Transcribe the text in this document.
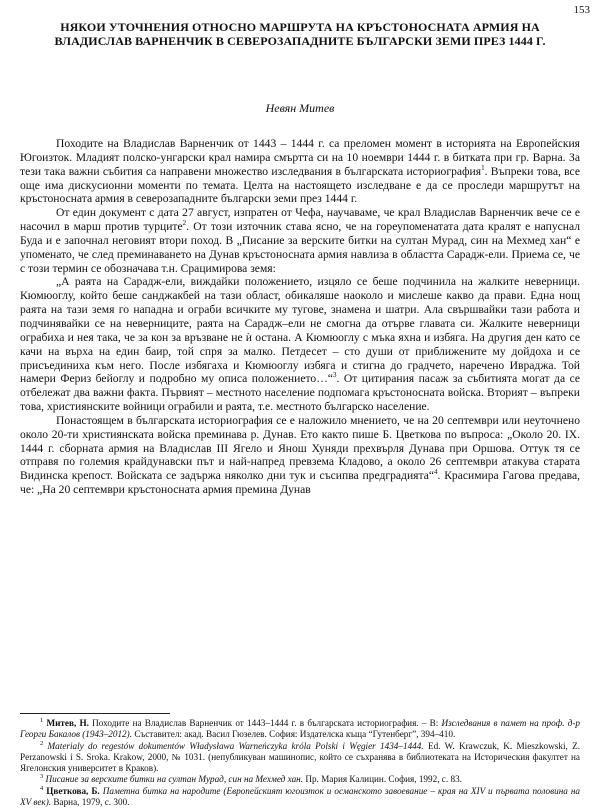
153
НЯКОИ УТОЧНЕНИЯ ОТНОСНО МАРШРУТА НА КРЪСТОНОСНАТА АРМИЯ НА ВЛАДИСЛАВ ВАРНЕНЧИК В СЕВЕРОЗАПАДНИТЕ БЪЛГАРСКИ ЗЕМИ ПРЕЗ 1444 Г.
Невян Митев

Походите на Владислав Варненчик от 1443 – 1444 г. са преломен момент в историята на Европейския Югоизток. Младият полско-унгарски крал намира смъртта си на 10 ноември 1444 г. в битката при гр. Варна. За тези така важни събития са направени множество изследвания в българската историография$^1$. Въпреки това, все още има дискусионни моменти по темата. Целта на настоящето изследване е да се проследи маршрутът на кръстоносната армия в северозападните български земи през 1444 г.

От един документ с дата 27 август, изпратен от Чефа, научаваме, че крал Владислав Варненчик вече се е насочил в марш против турците$^2$. От този източник става ясно, че на гореупоменатата дата кралят е напуснал Буда и е започнал неговият втори поход. В „Писание за верските битки на султан Мурад, син на Мехмед хан“ е упоменато, че след преминаването на Дунав кръстоносната армия навлиза в областта Сарадж-ели. Приема се, че с този термин се обозначава т.н. Срацимирова земя:

„А раята на Сарадж-ели, виждайки положението, изцяло се беше подчинила на жалките неверници. Кюмюоглу, който беше санджакбей на тази област, обикаляше наоколо и мислеше какво да прави. Една нощ раята на тази земя го нападна и ограби всичките му тугове, знамена и шатри. Ала свършвайки тази работа и подчинявайки се на неверниците, раята на Сарадж–ели не смогна да отърве главата си. Жалките неверници ограбиха и нея така, че за кон за връзване не ѝ остана. А Кюмюоглу с мъка яхна и избяга. На другия ден като се качи на върха на един баир, той спря за малко. Петдесет – сто души от приближените му дойдоха и се присъединиха към него. После избягаха и Кюмюоглу избяга и стигна до градчето, наречено Ивраджа. Той намери Фериз бейоглу и подробно му описа положението…“$^3$. От цитирания пасаж за събитията могат да се отбележат два важни факта. Първият – местното население подпомага кръстоносната войска. Вторият – въпреки това, християнските войници ограбили и раята, т.е. местното българско население.

Понастоящем в българската историография се е наложило мнението, че на 20 септември или неуточнено около 20-ти християнската войска преминава р. Дунав. Ето както пише Б. Цветкова по въпроса: „Около 20. IX. 1444 г. сборната армия на Владислав III Ягело и Янош Хуняди прехвърля Дунава при Оршова. Оттук тя се отправя по големия крайдунавски път и най-напред превзема Кладово, а около 26 септември атакува старата Видинска крепост. Войската се задържа няколко дни тук и съсипва предградията“$^4$. Красимира Гагова предава, че: „На 20 септември кръстоносната армия премина Дунав

$^1$ Митев, Н. Походите на Владислав Варненчик от 1443–1444 г. в българската историография. – В: Изследвания в памет на проф. д-р Георги Бакалов (1943–2012). Съставител: акад. Васил Гюзелев. София: Издателска къща “Гутенберг”, 394–410.

$^2$ Materialy do regestów dokumentów Władysława Warneńczyka króla Polski i Węgier 1434–1444. Ed. W. Krawczuk, K. Mieszkowski, Z. Perzanowski i S. Sroka. Krakow, 2000, № 1031. (непубликуван машинопис, който се съхранява в библиотеката на Историческия факултет на Ягелонския университет в Краков).

$^3$ Писание за верските битки на султан Мурад, син на Мехмед хан. Пр. Мария Калицин. София, 1992, с. 83.

$^4$ Цветкова, Б. Паметна битка на народите (Европейският югоизток и османското завоевание – края на XIV и първата половина на XV век). Варна, 1979, с. 300.
